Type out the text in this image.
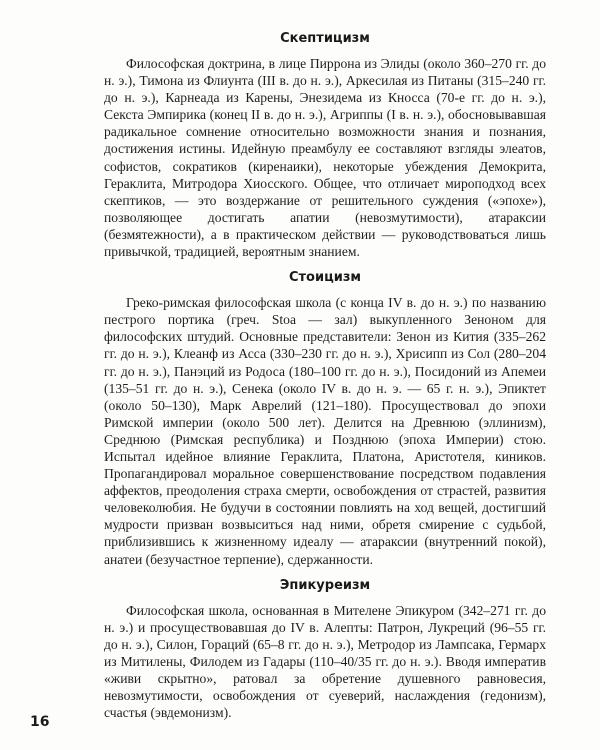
Скептицизм

Философская доктрина, в лице Пиррона из Элиды (около 360–270 гг. до н. э.), Тимона из Флиунта (III в. до н. э.), Аркесилая из Питаны (315–240 гг. до н. э.), Карнеада из Карены, Энезидема из Кносса (70-е гг. до н. э.), Секста Эмпирика (конец II в. до н. э.), Агриппы (I в. н. э.), обосновывавшая радикальное сомнение относительно возможности знания и познания, достижения истины. Идейную преамбулу ее составляют взгляды элеатов, софистов, сократиков (киренаики), некоторые убеждения Демокрита, Гераклита, Митродора Хиосского. Общее, что отличает мироподход всех скептиков, — это воздержание от решительного суждения («эпохе»), позволяющее достигать апатии (невозмутимости), атараксии (безмятежности), а в практическом действии — руководствоваться лишь привычкой, традицией, вероятным знанием.

Стоицизм

Греко-римская философская школа (с конца IV в. до н. э.) по названию пестрого портика (греч. Stoa — зал) выкупленного Зеноном для философских штудий. Основные представители: Зенон из Кития (335–262 гг. до н. э.), Клеанф из Асса (330–230 гг. до н. э.), Хрисипп из Сол (280–204 гг. до н. э.), Панэций из Родоса (180–100 гг. до н. э.), Посидоний из Апемеи (135–51 гг. до н. э.), Сенека (около IV в. до н. э. — 65 г. н. э.), Эпиктет (около 50–130), Марк Аврелий (121–180). Просуществовал до эпохи Римской империи (около 500 лет). Делится на Древнюю (эллинизм), Среднюю (Римская республика) и Позднюю (эпоха Империи) стою. Испытал идейное влияние Гераклита, Платона, Аристотеля, киников. Пропагандировал моральное совершенствование посредством подавления аффектов, преодоления страха смерти, освобождения от страстей, развития человеколюбия. Не будучи в состоянии повлиять на ход вещей, достигший мудрости призван возвыситься над ними, обретя смирение с судьбой, приблизившись к жизненному идеалу — атараксии (внутренний покой), анатеи (безучастное терпение), сдержанности.

Эпикуреизм

Философская школа, основанная в Мителене Эпикуром (342–271 гг. до н. э.) и просуществовавшая до IV в. Алепты: Патрон, Лукреций (96–55 гг. до н. э.), Силон, Гораций (65–8 гг. до н. э.), Метродор из Лампсака, Гермарх из Митилены, Филодем из Гадары (110–40/35 гг. до н. э.). Вводя императив «живи скрытно», ратовал за обретение душевного равновесия, невозмутимости, освобождения от суеверий, наслаждения (гедонизм), счастья (эвдемонизм).

16
